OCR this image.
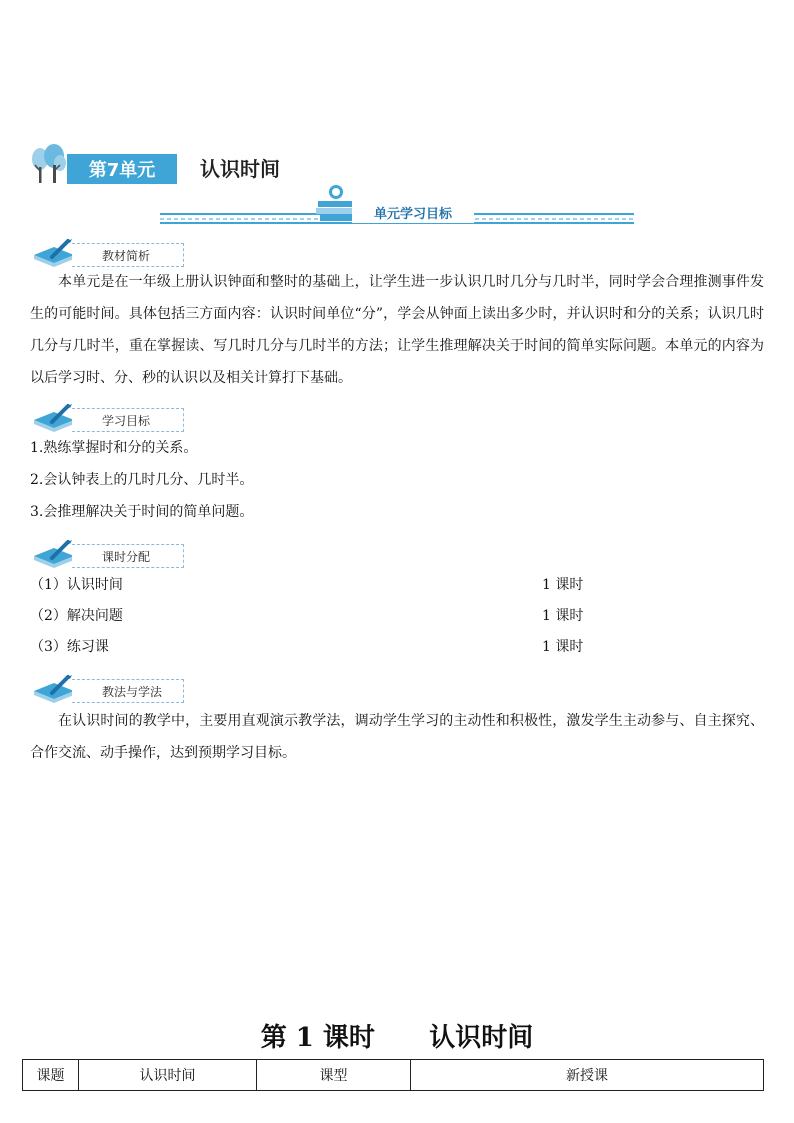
第7单元	认识时间
单元学习目标
教材简析
本单元是在一年级上册认识钟面和整时的基础上，让学生进一步认识几时几分与几时半，同时学会合理推测事件发生的可能时间。具体包括三方面内容：认识时间单位“分”，学会从钟面上读出多少时，并认识时和分的关系；认识几时几分与几时半，重在掌握读、写几时几分与几时半的方法；让学生推理解决关于时间的简单实际问题。本单元的内容为以后学习时、分、秒的认识以及相关计算打下基础。
学习目标
1.熟练掌握时和分的关系。
2.会认钟表上的几时几分、几时半。
3.会推理解决关于时间的简单问题。
课时分配
（1）认识时间	1 课时
（2）解决问题	1 课时
（3）练习课	1 课时
教法与学法
在认识时间的教学中，主要用直观演示教学法，调动学生学习的主动性和积极性，激发学生主动参与、自主探究、合作交流、动手操作，达到预期学习目标。
第 1 课时      认识时间
课题	认识时间	课型	新授课
